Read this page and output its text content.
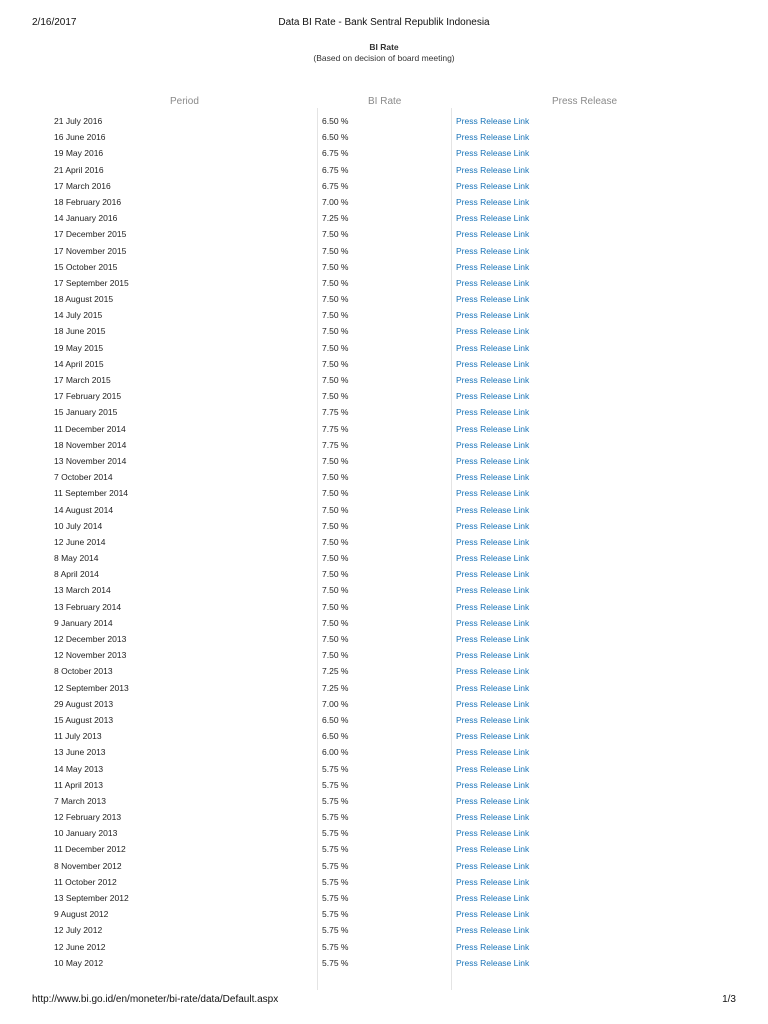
2/16/2017	Data BI Rate - Bank Sentral Republik Indonesia
BI Rate
(Based on decision of board meeting)
Period	BI Rate	Press Release
21 July 2016	6.50 %	Press Release Link
16 June 2016	6.50 %	Press Release Link
19 May 2016	6.75 %	Press Release Link
21 April 2016	6.75 %	Press Release Link
17 March 2016	6.75 %	Press Release Link
18 February 2016	7.00 %	Press Release Link
14 January 2016	7.25 %	Press Release Link
17 December 2015	7.50 %	Press Release Link
17 November 2015	7.50 %	Press Release Link
15 October 2015	7.50 %	Press Release Link
17 September 2015	7.50 %	Press Release Link
18 August 2015	7.50 %	Press Release Link
14 July 2015	7.50 %	Press Release Link
18 June 2015	7.50 %	Press Release Link
19 May 2015	7.50 %	Press Release Link
14 April 2015	7.50 %	Press Release Link
17 March 2015	7.50 %	Press Release Link
17 February 2015	7.50 %	Press Release Link
15 January 2015	7.75 %	Press Release Link
11 December 2014	7.75 %	Press Release Link
18 November 2014	7.75 %	Press Release Link
13 November 2014	7.50 %	Press Release Link
7 October 2014	7.50 %	Press Release Link
11 September 2014	7.50 %	Press Release Link
14 August 2014	7.50 %	Press Release Link
10 July 2014	7.50 %	Press Release Link
12 June 2014	7.50 %	Press Release Link
8 May 2014	7.50 %	Press Release Link
8 April 2014	7.50 %	Press Release Link
13 March 2014	7.50 %	Press Release Link
13 February 2014	7.50 %	Press Release Link
9 January 2014	7.50 %	Press Release Link
12 December 2013	7.50 %	Press Release Link
12 November 2013	7.50 %	Press Release Link
8 October 2013	7.25 %	Press Release Link
12 September 2013	7.25 %	Press Release Link
29 August 2013	7.00 %	Press Release Link
15 August 2013	6.50 %	Press Release Link
11 July 2013	6.50 %	Press Release Link
13 June 2013	6.00 %	Press Release Link
14 May 2013	5.75 %	Press Release Link
11 April 2013	5.75 %	Press Release Link
7 March 2013	5.75 %	Press Release Link
12 February 2013	5.75 %	Press Release Link
10 January 2013	5.75 %	Press Release Link
11 December 2012	5.75 %	Press Release Link
8 November 2012	5.75 %	Press Release Link
11 October 2012	5.75 %	Press Release Link
13 September 2012	5.75 %	Press Release Link
9 August 2012	5.75 %	Press Release Link
12 July 2012	5.75 %	Press Release Link
12 June 2012	5.75 %	Press Release Link
10 May 2012	5.75 %	Press Release Link
http://www.bi.go.id/en/moneter/bi-rate/data/Default.aspx	1/3
